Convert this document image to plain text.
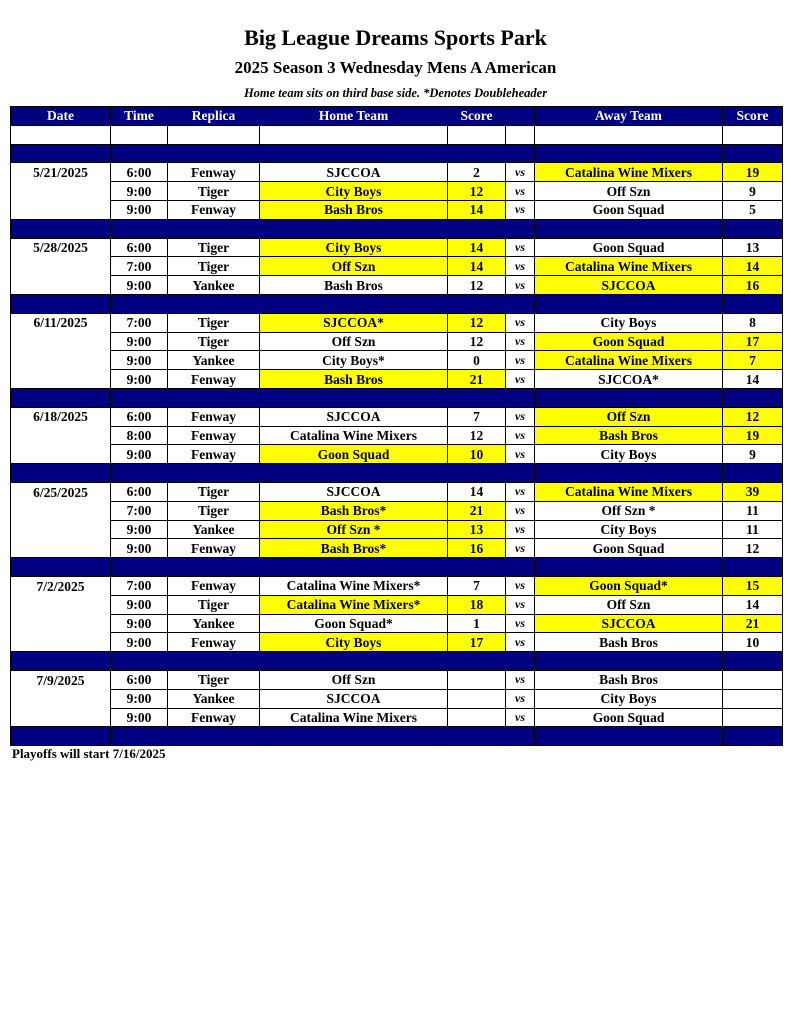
Big League Dreams Sports Park
2025 Season 3 Wednesday Mens A American
Home team sits on third base side. *Denotes Doubleheader
Date	Time	Replica	Home Team	Score		Away Team	Score

5/21/2025	6:00	Fenway	SJCCOA	2	vs	Catalina Wine Mixers	19
	9:00	Tiger	City Boys	12	vs	Off Szn	9
	9:00	Fenway	Bash Bros	14	vs	Goon Squad	5

5/28/2025	6:00	Tiger	City Boys	14	vs	Goon Squad	13
	7:00	Tiger	Off Szn	14	vs	Catalina Wine Mixers	14
	9:00	Yankee	Bash Bros	12	vs	SJCCOA	16

6/11/2025	7:00	Tiger	SJCCOA*	12	vs	City Boys	8
	9:00	Tiger	Off Szn	12	vs	Goon Squad	17
	9:00	Yankee	City Boys*	0	vs	Catalina Wine Mixers	7
	9:00	Fenway	Bash Bros	21	vs	SJCCOA*	14

6/18/2025	6:00	Fenway	SJCCOA	7	vs	Off Szn	12
	8:00	Fenway	Catalina Wine Mixers	12	vs	Bash Bros	19
	9:00	Fenway	Goon Squad	10	vs	City Boys	9

6/25/2025	6:00	Tiger	SJCCOA	14	vs	Catalina Wine Mixers	39
	7:00	Tiger	Bash Bros*	21	vs	Off Szn *	11
	9:00	Yankee	Off Szn *	13	vs	City Boys	11
	9:00	Fenway	Bash Bros*	16	vs	Goon Squad	12

7/2/2025	7:00	Fenway	Catalina Wine Mixers*	7	vs	Goon Squad*	15
	9:00	Tiger	Catalina Wine Mixers*	18	vs	Off Szn	14
	9:00	Yankee	Goon Squad*	1	vs	SJCCOA	21
	9:00	Fenway	City Boys	17	vs	Bash Bros	10

7/9/2025	6:00	Tiger	Off Szn		vs	Bash Bros	
	9:00	Yankee	SJCCOA		vs	City Boys	
	9:00	Fenway	Catalina Wine Mixers		vs	Goon Squad	

Playoffs will start 7/16/2025
